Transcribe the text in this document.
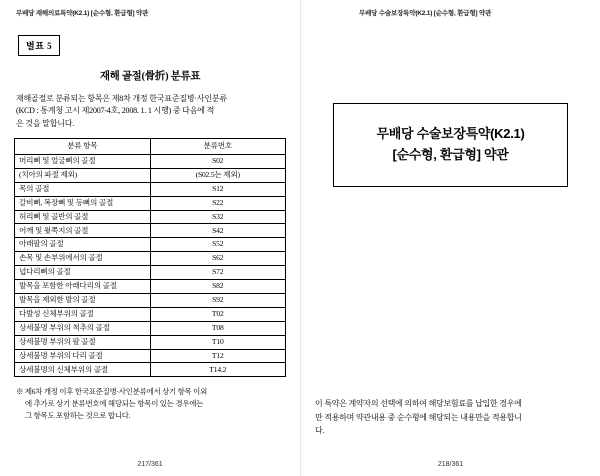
무배당 재해의료특약(K2.1) [순수형, 환급형] 약관
별표 5
재해 골절(骨折) 분류표
재해골절로 분류되는 항목은 제8차 개정 한국표준질병·사인분류
(KCD : 통계청 고시 제2007-4호, 2008. 1. 1 시행) 중 다음에 적
은 것을 말합니다.
분류 항목	분류번호
머리뼈 및 얼굴뼈의 골절	S02
(치아의 파절 제외)	(S02.5는 제외)
목의 골절	S12
갈비뼈, 복장뼈 및 등뼈의 골절	S22
허리뼈 및 골반의 골절	S32
어깨 및 윗쪽지의 골절	S42
아래팔의 골절	S52
손목 및 손부위에서의 골절	S62
넙다리뼈의 골절	S72
발목을 포함한 아래다리의 골절	S82
발목을 제외한 발의 골절	S92
다발성 신체부위의 골절	T02
상세불명 부위의 척추의 골절	T08
상세불명 부위의 팔 골절	T10
상세불명 부위의 다리 골절	T12
상세불명의 신체부위의 골절	T14.2
※ 제6차 개정 이후 한국표준질병·사인분류에서 상기 항목 이외
에 추가로 상기 분류번호에 해당되는 항목이 있는 경우에는
그 항목도 포함하는 것으로 합니다.
217/361
무배당 수술보장특약(K2.1) [순수형, 환급형] 약관
무배당 수술보장특약(K2.1)
[순수형, 환급형] 약관
이 특약은 계약자의 선택에 의하여 해당보험료를 납입한 경우에
만 적용하며 약관내용 중 순수형에 해당되는 내용만을 적용합니
다.
218/361
